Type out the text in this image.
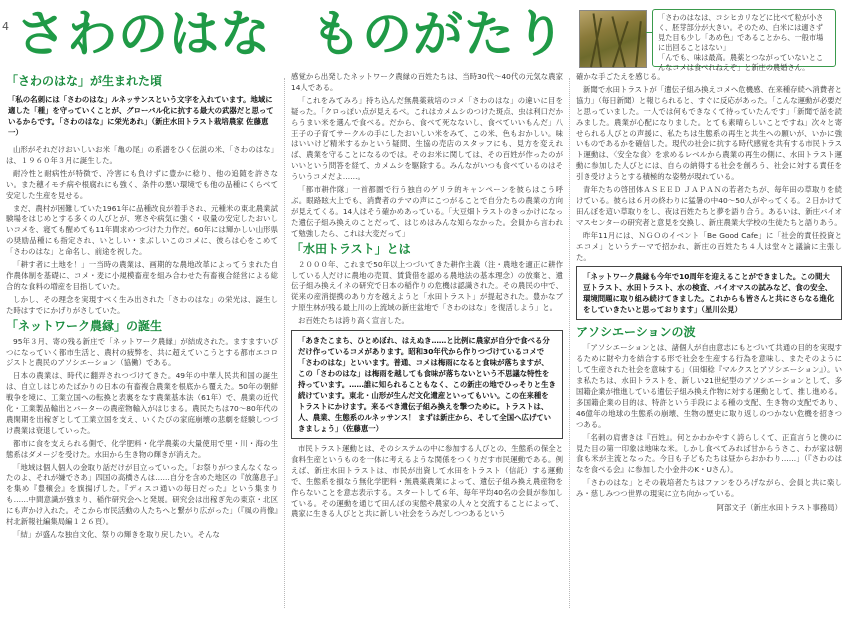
4 さわのはな ものがたり	「さわのはなは、コシヒカリなどに比べて粒が小さく、胚芽部分が大きい。そのため、白米には適さず見た目も少し「あめ色」であることから、一般市場に出回ることはない」
「んでも、味は最高。農薬とつながっていないとこんなコメは食べれねえぞ」と新庄の農婚さん。
「さわのはな」が生まれた頃
「私の名刺には「さわのはな」ルネッサンスという文字を入れています。地域に適した「種」を守っていくことが、グローバル化に抗する最大の武器だと思っているからです。「さわのはな」に栄光あれ」（新庄水田トラスト栽培農家 佐藤恵一）

山形がそれだけおいしいお米「亀の尾」の系譜をひく伝説の米、「さわのはな」は、１９６０年３月に誕生した。

耐冷性と耐病性が特徴で、冷害にも負けずに豊かに稔り、他の追随を許さない。また穂イモチ病や根腐れにも強く、条件の悪い環境でも他の品種にくらべて安定した生産を見せる。

まだ、農村が困難していた1961年に品種改良が着手され、元種米の東北農業試験場をはじめとする多くの人びとが、寒さや病気に強く・収量の安定したおいしいコメを、寝ても醒めても11年間求めつづけた力作だ。60年には輝かしい山形県の奨励品種にも指定され、いとしい・まぶしいこのコメに、彼らは心をこめて「さわのはな」と命名し、前途を祝した。

「耕す者に土地を！」一当時の農業は、画期的な農地改革によってうまれた自作農体制を基礎に、コメ・麦に小規模畜産を組み合わせた有畜複合経営による総合的な食料の増産を目指していた。

しかし、その理念を実現すべく生み出された「さわのはな」の栄光は、誕生した時はすでにかげりがさしていた。

「ネットワーク農縁」の誕生

95年３月、寄の残る新庄で「ネットワーク農縁」が結成された。ますますいびつになっていく都市生活と、農村の疲弊を、共に超えていこうとする都市エコロジストと農民のアソシエーション（協働）である。

日本の農業は、時代に翻弄されつづけてきた。49年の中華人民共和国の誕生は、自立しはじめたばかりの日本の有畜複合農業を根底から覆えた。50年の朝鮮戦争を境に、工業立国への転換と表裏をなす農業基本法（61年）で、農業の近代化・工業製品輸出とバーターの農産物輸入がはじまる。農民たちは70〜80年代の農閑期を出稼ぎとして工業立国を支え、いくたびの家庭崩壊の悲劇を経験しつづけ農業は衰退していった。

都市に食を支えられる側で、化学肥料・化学農薬の大量使用で里・川・海の生態系はダメージを受けた。水田から生き物の輝きが消えた。

「地域は個人個人の金取り話だけが目立っていった。「お祭りがつまんなくなったのよ、それが嫌でさあ」四国の高橋さんは……自分を含めた地区の『放蕩息子』を集め『豊穣会』を旗揚げした。『ディスコ通いの毎日だった』という集まりも……中間意識が強まり、稲作研究会へと発展。研究会は出稼ぎ先の東京・北区にも声かけ入れた。そこから市民活動の人たちへと繋がり広がった」（『風の肖像』村北新報社編集局編１２６頁）。

「結」が盛んな独自文化、祭りの輝きを取り戻したい。そんな

感覚から出発したネットワーク農縁の百姓たちは、当時30代〜40代の元気な農家14人である。

「これをみてみろ」持ち込んだ無農薬栽培のコメ「さわのはな」の違いに目を疑った。「クロっぽい点が見えるべ。これはカメムシのつけた斑点、虫は利口だからうまい米を選んで食べる。だから、食べて死なないし、食べていいもんだ」八王子の子育てサークルの手にしたおいしい米をみて、この米、色もおかしい。味はいいけど精米するかという疑問、生協の売店のスタッフにも、見方を変えれば、農業を守ることになるのでは。そのお米に関しては、その百姓が作ったのがいいという問答を経て、カメムシを駆除する。みんながいつも食べているのはそういうコメだよ……。

「都市耕作隊」一首都圏で行う独自のゲリラ的キャンペーンを彼らはこう呼ぶ。眼路眩大上でも、消費者のテマの声にこつがることで自分たちの農業の方向が見えてくる。14人はそう確かめあっている。「大豆畑トラストのきっかけになった遺伝子組み換えのことだって、はじめはみんな知らなかった。会員から言われて勉強したら、これは大変だって」

「水田トラスト」とは

２０００年、これまで50年以上つづいてきた耕作主義（注・農地を適正に耕作している人だけに農地の売買、賃貸借を認める農地法の基本理念）の放棄と、遺伝子組み換えイネの研究で日本の稲作りの危機は認識された。その農民の中で、従来の産消提携のあり方を越えようと「水田トラスト」が提起された。豊かなブナ原生林が残る最上川の上流域の新庄盆地で「さわのはな」を復活しよう」と。

お百姓たちは誇り高く宣言した。

「あきたこまち、ひとめぼれ、はえぬき……と比例に農家が自分で食べる分だけ作っているコメがあります。昭和30年代から作りつづけているコメで「さわのはな」といいます。普通、コメは梅雨になると食味が落ちますが、この「さわのはな」は梅雨を越しても食味が落ちないという不思議な特性を持っています。……誰に知られることもなく、この新庄の地でひっそりと生き続けています。東北・山形が生んだ文化遺産といってもいい。この在来種をトラストにかけます。来るべき遺伝子組み換えを撃つために。トラストは、人、農業、生態系のルネッサンス！ まずは新庄から、そして全国へ広げていきましょう」（佐藤恵一）

市民トラスト運動とは、そのシステムの中に参加する人びとの、生態系の保全と食料生産というものを一体に考えるような関係をつくりだす市民運動である。例えば、新庄水田トラストは、市民が出資して水田をトラスト（信託）する運動で、生態系を損なう無化学肥料・無農薬農業によって、遺伝子組み換え農産物を作らないことを意志表示する。スタートして６年、毎年平均40名の会員が参加している。その運動を通じて田んぼの実態や農家の人々と交流することによって、農家に生きる人びとと共に新しい社会をうみだしつつあるという

確かな手ごたえを感じる。

新聞で水田トラストが「遺伝子組み換えコメへ危機感、在来種存続へ消費者と協力」（毎日新聞）と報じられると、すぐに反応があった。「こんな運動が必要だと思っていました。一人では何もできなくて待っていたんです」「新聞で話を読みました。農業が心配になりました。とても素晴らしいことですね」次々と寄せられる人びとの声援に、私たちは生態系の再生と共生への願いが、いかに強いものであるかを確信した。現代の社会に抗する時代感覚を共有する市民トラスト運動は、〈安全な食〉を求めるレベルから農業の再生の側に、水田トラスト運動に参加した人びとには、自らの納得する社会を創ろう、社会に対する責任を引き受けようとする積極的な姿勢が現れている。

青年たちの啓団体ＡＳＥＥＤ ＪＡＰＡＮの若者たちが、毎年田の草取りを続けている。彼らは６月の終わりに猛暑の中40〜50人がやってくる。２日かけて田んぼを這い草取りをし、夜は百姓たちと夢を語り合う。あるいは、新庄バイオマスセンターの研究者と意見を交換し、新庄農業大学校の生徒たちと語りあう。

昨年11月には、ＮＧＯのイベント「Be Good Cafe」に「社会的責任投資とエコメ」というテーマで招かれ、新庄の百姓たち４人は堂々と議論に主張した。

「ネットワーク農縁も今年で10周年を迎えることができました。この間大豆トラスト、水田トラスト、水の検査、バイオマスの試みなど、食の安全、環境問題に取り組み続けてきました。これからも皆さんと共にさらなる進化をしていきたいと思っております」（星川公見）
アソシエーションの波

「アソシエーションとは、諸個人が自由意志にもとづいて共通の目的を実現するために財や力を結合する形で社会を生産する行為を意味し、またそのようにして生産された社会を意味する」（田畑稔『マルクスとアソシエーション』）。いま私たちは、水田トラストを、新しい21世紀型のアソシエーションとして、多国籍企業が推進している遺伝子組み換え作物に対する運動として、推し進める。多国籍企業の目的は、特許という手段による種の支配、生き物の支配であり、46億年の地球の生態系の崩壊、生物の歴史に取り返しのつかない危機を招きつつある。

「名刺の肩書きは『百姓』。何とかわかやすく誇らしくて、正直言うと僕のに見た目の第一印象は地味な米。しかし食べてみれば甘からうさこ、わが家は朝食も米が主流となった。今日も子どもたちは昼からおかわり……」（『さわのはなを食べる会』に参加した小金井のK・Uさん）。

「さわのはな」とその栽培者たちはファンをひろげながら、会員と共に楽しみ・慈しみつつ世界の現実に立ち向かっている。

阿部文子（新庄水田トラスト事務局）
